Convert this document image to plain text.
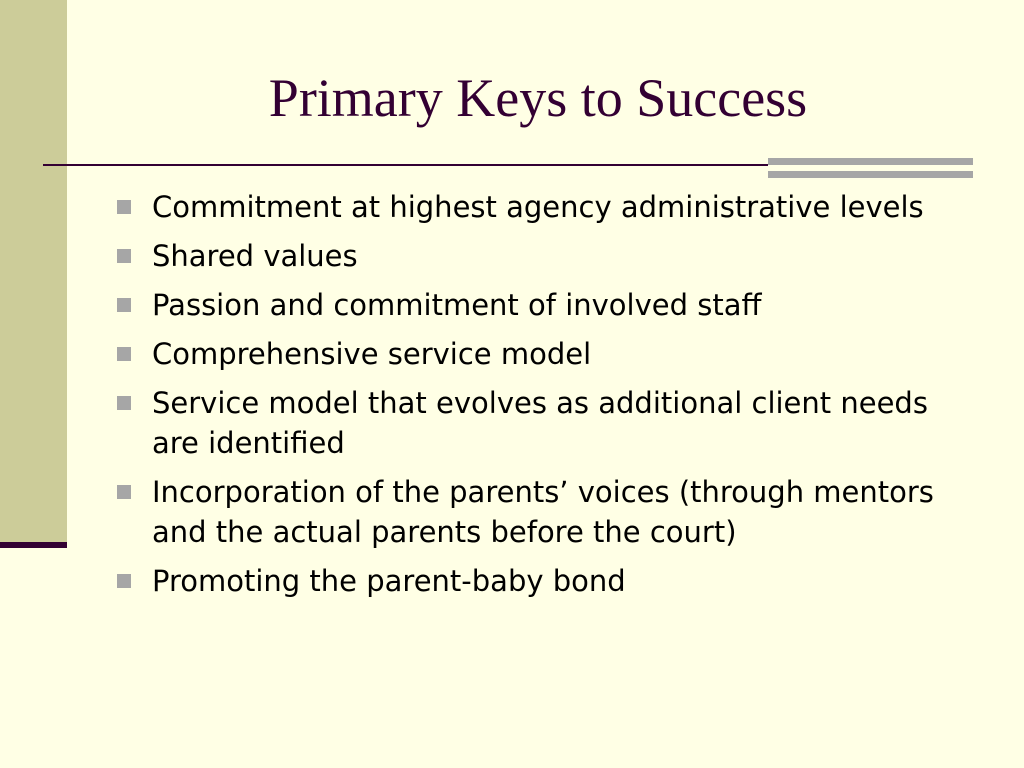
Primary Keys to Success
Commitment at highest agency administrative levels
Shared values
Passion and commitment of involved staff
Comprehensive service model
Service model that evolves as additional client needs are identified
Incorporation of the parents’ voices (through mentors and the actual parents before the court)
Promoting the parent-baby bond
